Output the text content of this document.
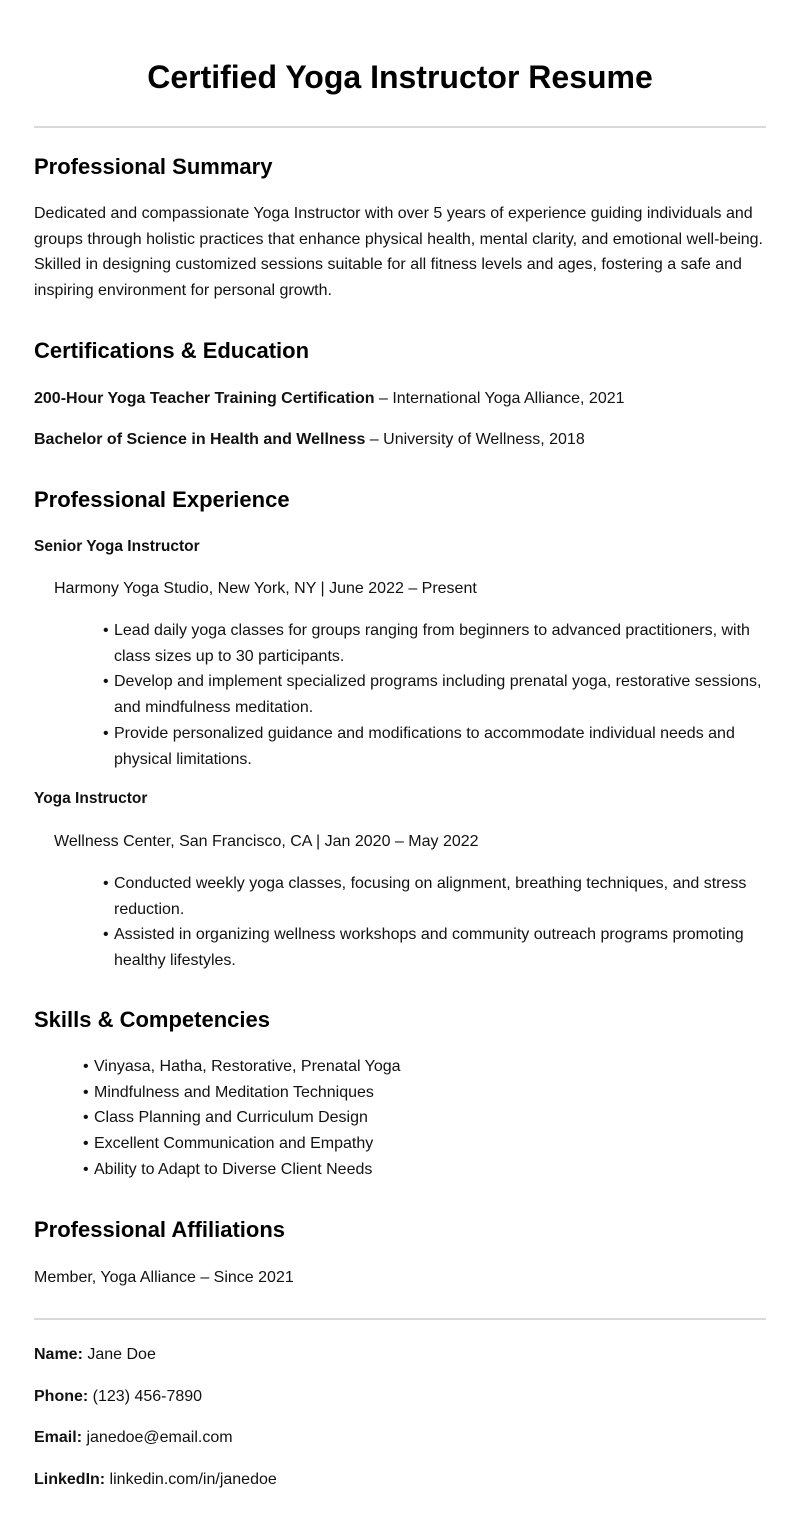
Certified Yoga Instructor Resume
Professional Summary

Dedicated and compassionate Yoga Instructor with over 5 years of experience guiding individuals and groups through holistic practices that enhance physical health, mental clarity, and emotional well-being. Skilled in designing customized sessions suitable for all fitness levels and ages, fostering a safe and inspiring environment for personal growth.

Certifications & Education

200-Hour Yoga Teacher Training Certification – International Yoga Alliance, 2021

Bachelor of Science in Health and Wellness – University of Wellness, 2018

Professional Experience

Senior Yoga Instructor

Harmony Yoga Studio, New York, NY | June 2022 – Present

• Lead daily yoga classes for groups ranging from beginners to advanced practitioners, with class sizes up to 30 participants.
• Develop and implement specialized programs including prenatal yoga, restorative sessions, and mindfulness meditation.
• Provide personalized guidance and modifications to accommodate individual needs and physical limitations.

Yoga Instructor

Wellness Center, San Francisco, CA | Jan 2020 – May 2022

• Conducted weekly yoga classes, focusing on alignment, breathing techniques, and stress reduction.
• Assisted in organizing wellness workshops and community outreach programs promoting healthy lifestyles.
Skills & Competencies
• Vinyasa, Hatha, Restorative, Prenatal Yoga
• Mindfulness and Meditation Techniques
• Class Planning and Curriculum Design
• Excellent Communication and Empathy
• Ability to Adapt to Diverse Client Needs
Professional Affiliations

Member, Yoga Alliance – Since 2021

Name: Jane Doe

Phone: (123) 456-7890

Email: janedoe@email.com

LinkedIn: linkedin.com/in/janedoe
